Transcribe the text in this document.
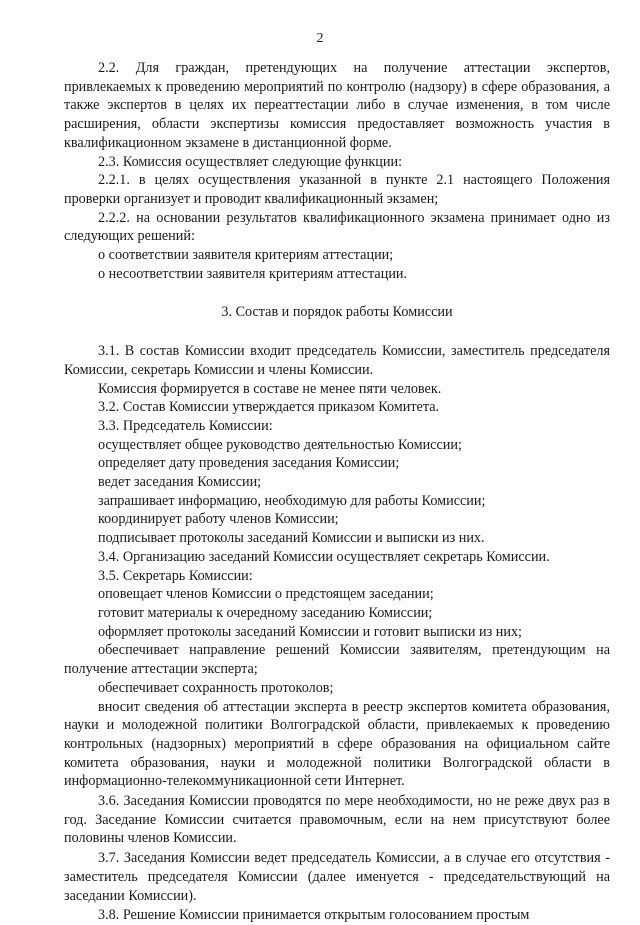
2

2.2. Для граждан, претендующих на получение аттестации экспертов, привлекаемых к проведению мероприятий по контролю (надзору) в сфере образования, а также экспертов в целях их переаттестации либо в случае изменения, в том числе расширения, области экспертизы комиссия предоставляет возможность участия в квалификационном экзамене в дистанционной форме.

2.3. Комиссия осуществляет следующие функции:

2.2.1. в целях осуществления указанной в пункте 2.1 настоящего Положения проверки организует и проводит квалификационный экзамен;

2.2.2. на основании результатов квалификационного экзамена принимает одно из следующих решений:

о соответствии заявителя критериям аттестации;

о несоответствии заявителя критериям аттестации.

3. Состав и порядок работы Комиссии

3.1. В состав Комиссии входит председатель Комиссии, заместитель председателя Комиссии, секретарь Комиссии и члены Комиссии.

Комиссия формируется в составе не менее пяти человек.

3.2. Состав Комиссии утверждается приказом Комитета.

3.3. Председатель Комиссии:

осуществляет общее руководство деятельностью Комиссии;

определяет дату проведения заседания Комиссии;

ведет заседания Комиссии;

запрашивает информацию, необходимую для работы Комиссии;

координирует работу членов Комиссии;

подписывает протоколы заседаний Комиссии и выписки из них.

3.4. Организацию заседаний Комиссии осуществляет секретарь Комиссии.

3.5. Секретарь Комиссии:

оповещает членов Комиссии о предстоящем заседании;

готовит материалы к очередному заседанию Комиссии;

оформляет протоколы заседаний Комиссии и готовит выписки из них;

обеспечивает направление решений Комиссии заявителям, претендующим на получение аттестации эксперта;

обеспечивает сохранность протоколов;

вносит сведения об аттестации эксперта в реестр экспертов комитета образования, науки и молодежной политики Волгоградской области, привлекаемых к проведению контрольных (надзорных) мероприятий в сфере образования на официальном сайте комитета образования, науки и молодежной политики Волгоградской области в информационно-телекоммуникационной сети Интернет.

3.6. Заседания Комиссии проводятся по мере необходимости, но не реже двух раз в год. Заседание Комиссии считается правомочным, если на нем присутствуют более половины членов Комиссии.

3.7. Заседания Комиссии ведет председатель Комиссии, а в случае его отсутствия - заместитель председателя Комиссии (далее именуется - председательствующий на заседании Комиссии).

3.8. Решение Комиссии принимается открытым голосованием простым
